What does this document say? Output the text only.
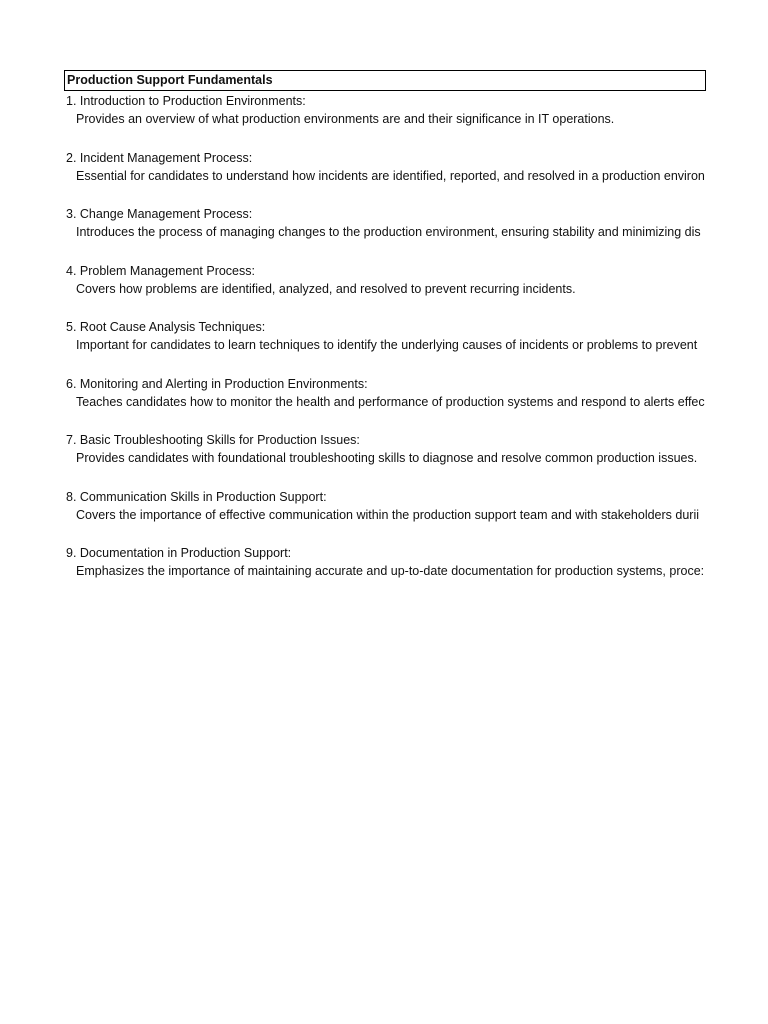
Production Support Fundamentals
1. Introduction to Production Environments:
Provides an overview of what production environments are and their significance in IT operations.
2. Incident Management Process:
Essential for candidates to understand how incidents are identified, reported, and resolved in a production environ
3. Change Management Process:
Introduces the process of managing changes to the production environment, ensuring stability and minimizing dis
4. Problem Management Process:
Covers how problems are identified, analyzed, and resolved to prevent recurring incidents.
5. Root Cause Analysis Techniques:
Important for candidates to learn techniques to identify the underlying causes of incidents or problems to prevent
6. Monitoring and Alerting in Production Environments:
Teaches candidates how to monitor the health and performance of production systems and respond to alerts effec
7. Basic Troubleshooting Skills for Production Issues:
Provides candidates with foundational troubleshooting skills to diagnose and resolve common production issues.
8. Communication Skills in Production Support:
Covers the importance of effective communication within the production support team and with stakeholders durii
9. Documentation in Production Support:
Emphasizes the importance of maintaining accurate and up-to-date documentation for production systems, proce:
